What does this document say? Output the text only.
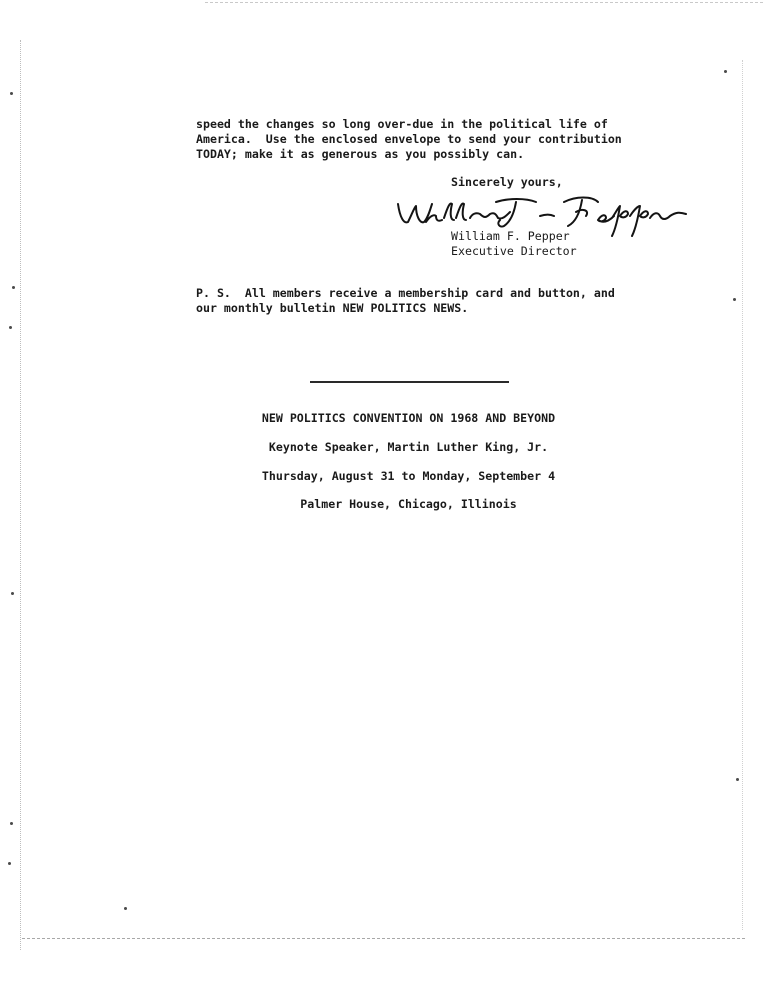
speed the changes so long over-due in the political life of
America.  Use the enclosed envelope to send your contribution
TODAY; make it as generous as you possibly can.
Sincerely yours,
William F. Pepper
Executive Director
P. S.  All members receive a membership card and button, and
our monthly bulletin NEW POLITICS NEWS.
NEW POLITICS CONVENTION ON 1968 AND BEYOND
Keynote Speaker, Martin Luther King, Jr.
Thursday, August 31 to Monday, September 4
Palmer House, Chicago, Illinois
